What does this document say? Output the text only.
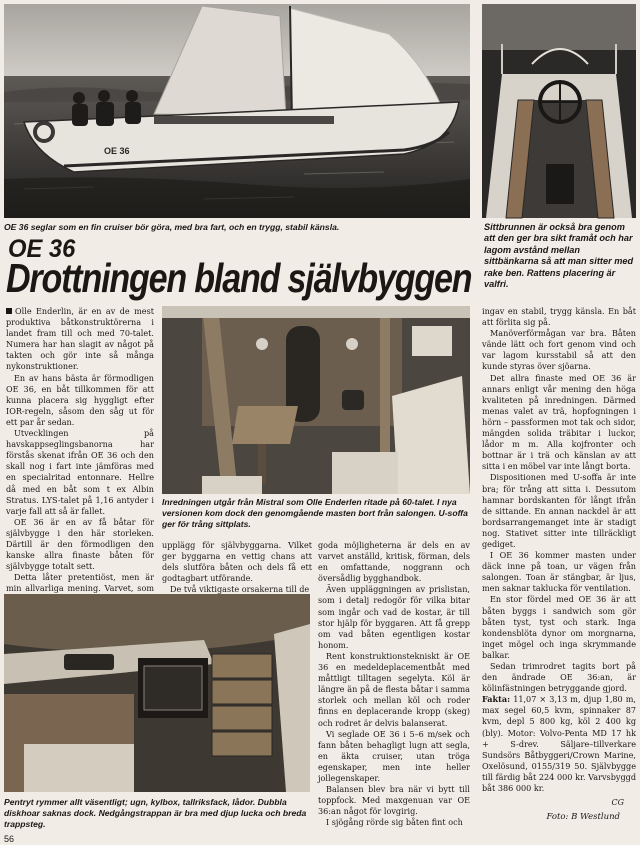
OE 36
OE 36 seglar som en fin cruiser bör göra, med bra fart, och en trygg, stabil känsla.	Sittbrunnen är också bra genom att den ger bra sikt framåt och har lagom avstånd mellan sittbänkarna så att man sitter med rake ben. Rattens placering är valfri.
OE 36
Drottningen bland självbyggen

Olle Enderlin, är en av de mest produktiva båtkonstruktörerna i landet fram till och med 70-talet. Numera har han slagit av något på takten och gör inte så många nykonstruktioner.

En av hans bästa är förmodligen OE 36, en båt tillkommen för att kunna placera sig hyggligt efter IOR-regeln, såsom den såg ut för ett par år sedan.

Utvecklingen på havskappseglingsbanorna har förstås skenat ifrån OE 36 och den skall nog i fart inte jämföras med en specialritad entonnare. Hellre då med en båt som t ex Albin Stratus. LYS-talet på 1,16 antyder i varje fall att så är fallet.

OE 36 är en av få båtar för självbygge i den här storleken. Därtill är den förmodligen den kanske allra finaste båten för självbygge totalt sett.

Detta låter pretentiöst, men är min allvarliga mening. Varvet, som

Inredningen utgår från Mistral som Olle Enderlen ritade på 60-talet. I nya versionen kom dock den genomgående masten bort från salongen. U-soffa ger för trång sittplats.

upplägg för självbyggarna. Vilket ger byggarna en vettig chans att dels slutföra båten och dels få ett godtagbart utförande.

De två viktigaste orsakerna till de

goda möjligheterna är dels en av varvet anställd, kritisk, förman, dels en omfattande, noggrann och översådlig bygghandbok.

Även uppläggningen av prislistan, som i detalj redogör för vilka bitar som ingår och vad de kostar, är till stor hjälp för byggaren. Att få grepp om vad båten egentligen kostar honom.

Rent konstruktionstekniskt är OE 36 en medeldeplacementbåt med måttligt tilltagen segelyta. Köl är längre än på de flesta båtar i samma storlek och mellan köl och roder finns en deplacerande kropp (skeg) och rodret är delvis balanserat.

Vi seglade OE 36 i 5–6 m/sek och fann båten behagligt lugn att segla, en äkta cruiser, utan tröga egenskaper, men inte heller jollegenskaper.

Balansen blev bra när vi bytt till toppfock. Med maxgenuan var OE 36:an något för lovgirig.

I sjögång rörde sig båten fint och

Pentryt rymmer allt väsentligt; ugn, kylbox, tallriksfack, lådor. Dubbla diskhoar saknas dock. Nedgångstrappan är bra med djup lucka och breda trappsteg.

ingav en stabil, trygg känsla. En båt att förlita sig på.

Manöverförmågan var bra. Båten vände lätt och fort genom vind och var lagom kursstabil så att den kunde styras över sjöarna.

Det allra finaste med OE 36 är annars enligt vår mening den höga kvaliteten på inredningen. Därmed menas valet av trä, hopfogningen i hörn – passformen mot tak och sidor, mängden solida träbitar i luckor, lådor m m. Alla kojfronter och bottnar är i trä och känslan av att sitta i en möbel var inte långt borta.

Dispositionen med U-soffa är inte bra; för trång att sitta i. Dessutom hamnar bordskanten för långt ifrån de sittande. En annan nackdel är att bordsarrangemanget inte är stadigt nog. Stativet sitter inte tillräckligt gediget.

I OE 36 kommer masten under däck inne på toan, ur vägen från salongen. Toan är stängbar, är ljus, men saknar takluckа för ventilation.

En stor fördel med OE 36 är att båten byggs i sandwich som gör båten tyst, tyst och stark. Inga kondensblöta dynor om morgnarna, inget mögel och inga skrymmande balkar.

Sedan trimrodret tagits bort på den ändrade OE 36:an, är kölinfästningen betryggande gjord.

Fakta: 11,07 × 3,13 m, djup 1,80 m, max segel 60,5 kvm, spinnaker 87 kvm, depl 5 800 kg, köl 2 400 kg (bly). Motor: Volvo-Penta MD 17 hk + S-drev. Säljare–tillverkare Sundsörs Båtbyggeri/Crown Marine, Oxelösund, 0155/319 50. Självbygge till färdig båt 224 000 kr. Varvsbyggd båt 386 000 kr.

CG
Foto: B Westlund
56
